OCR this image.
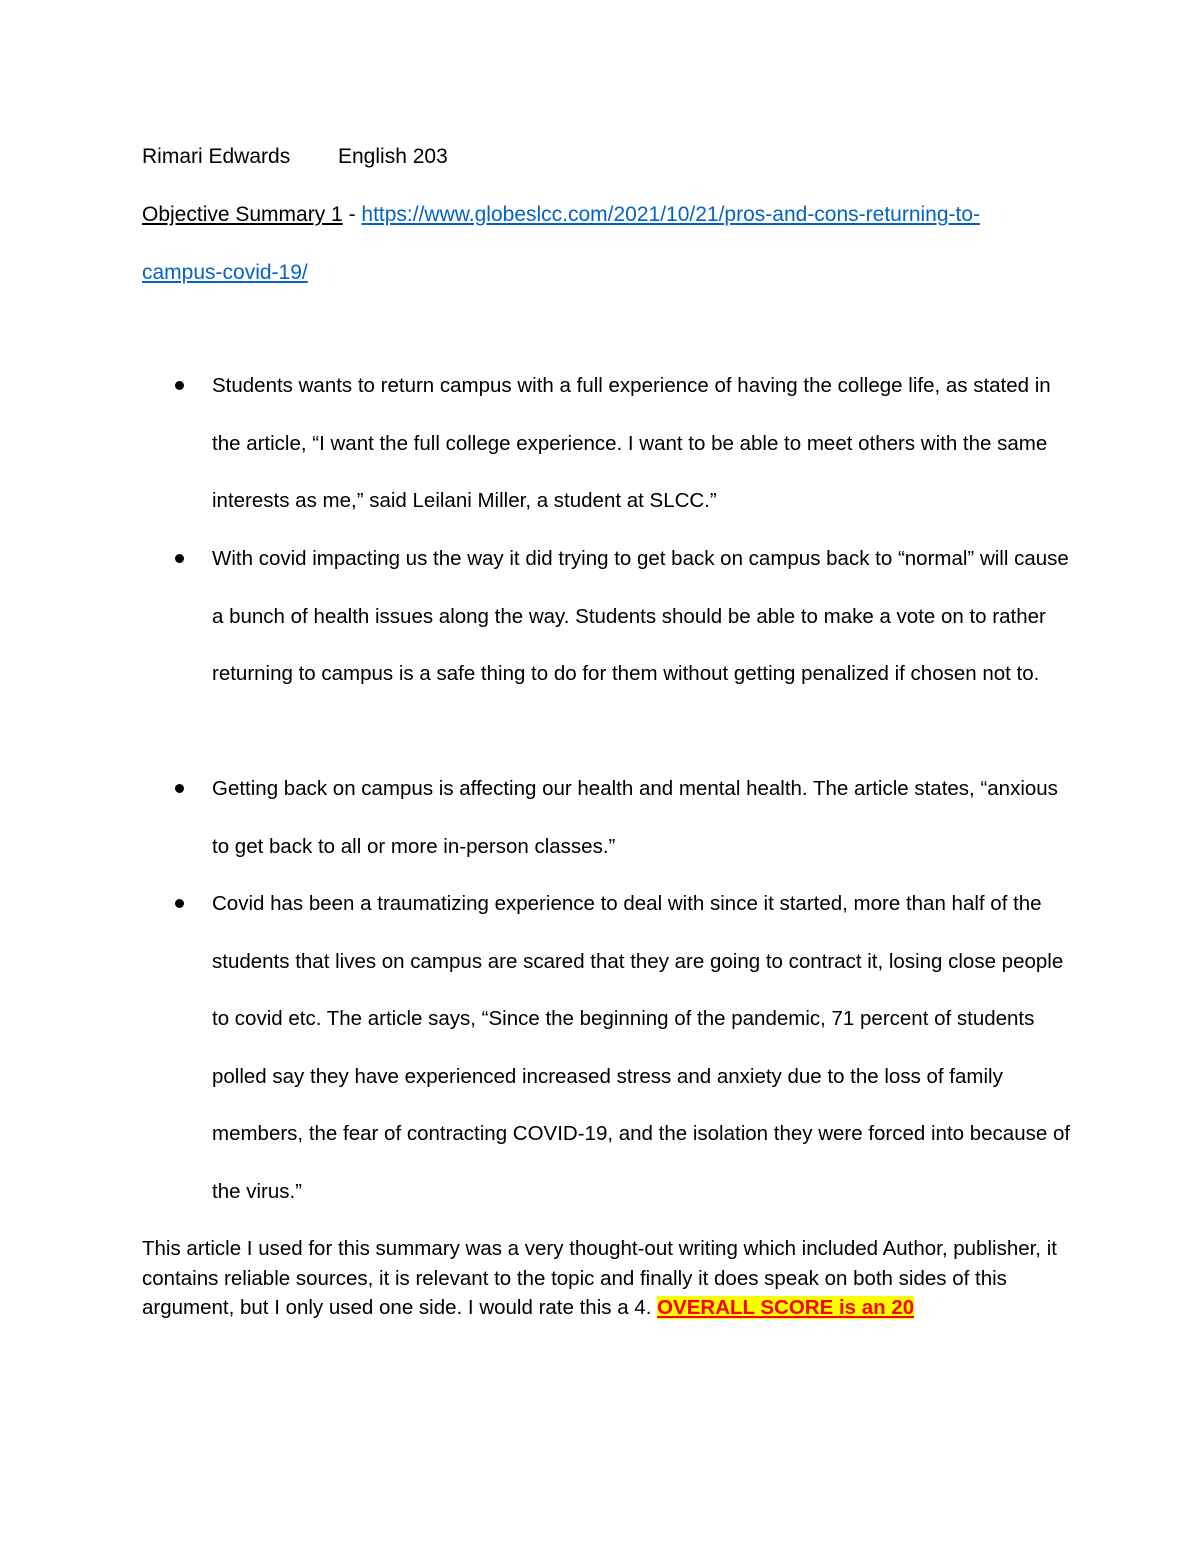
Rimari Edwards English 203
Objective Summary 1 - https://www.globeslcc.com/2021/10/21/pros-and-cons-returning-to-
campus-covid-19/
Students wants to return campus with a full experience of having the college life, as stated in the article, “I want the full college experience. I want to be able to meet others with the same interests as me,” said Leilani Miller, a student at SLCC.”
With covid impacting us the way it did trying to get back on campus back to “normal” will cause a bunch of health issues along the way. Students should be able to make a vote on to rather returning to campus is a safe thing to do for them without getting penalized if chosen not to.
Getting back on campus is affecting our health and mental health. The article states, “anxious to get back to all or more in-person classes.”
Covid has been a traumatizing experience to deal with since it started, more than half of the students that lives on campus are scared that they are going to contract it, losing close people to covid etc. The article says, “Since the beginning of the pandemic, 71 percent of students polled say they have experienced increased stress and anxiety due to the loss of family members, the fear of contracting COVID-19, and the isolation they were forced into because of the virus.”
This article I used for this summary was a very thought-out writing which included Author, publisher, it contains reliable sources, it is relevant to the topic and finally it does speak on both sides of this argument, but I only used one side. I would rate this a 4. OVERALL SCORE is an 20
